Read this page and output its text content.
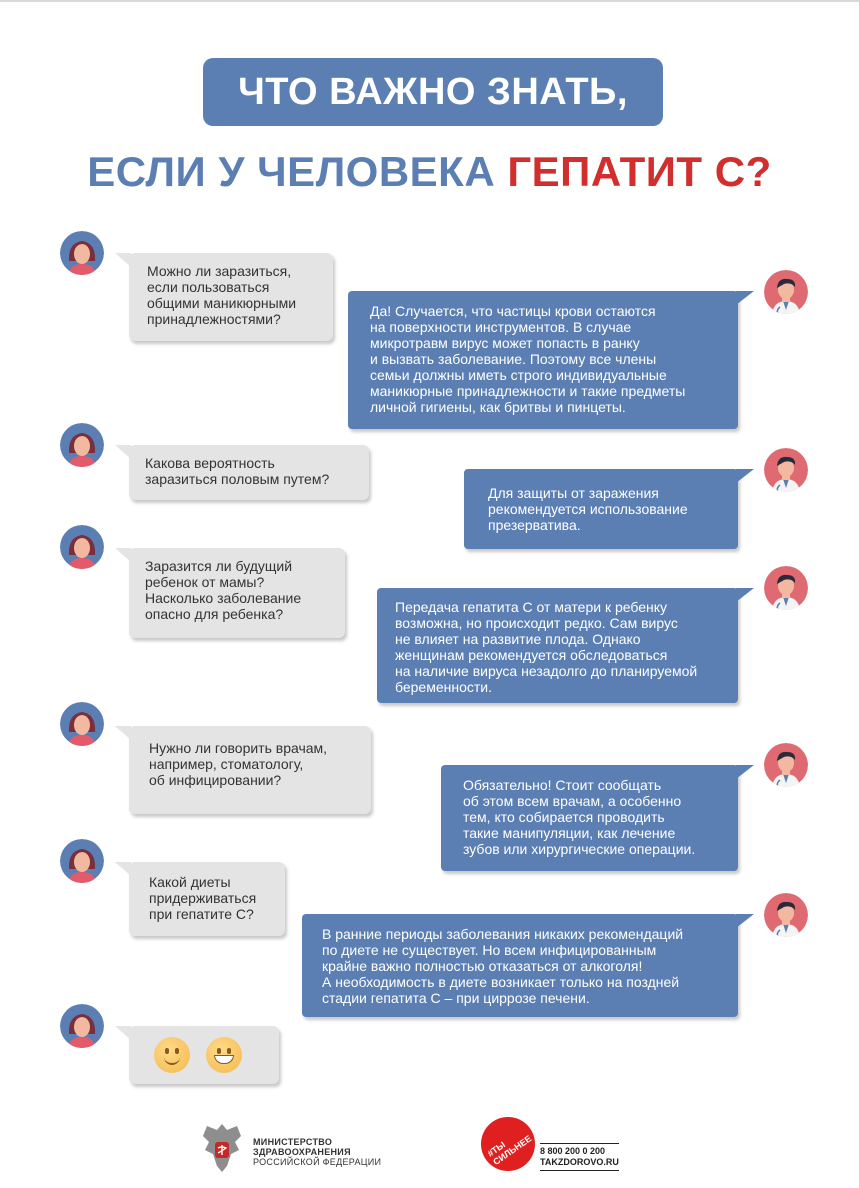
ЧТО ВАЖНО ЗНАТЬ,
ЕСЛИ У ЧЕЛОВЕКА ГЕПАТИТ С?
Можно ли заразиться,
если пользоваться
общими маникюрными
принадлежностями?	Да! Случается, что частицы крови остаются
на поверхности инструментов. В случае
микротравм вирус может попасть в ранку
и вызвать заболевание. Поэтому все члены
семьи должны иметь строго индивидуальные
маникюрные принадлежности и такие предметы
личной гигиены, как бритвы и пинцеты.
Какова вероятность
заразиться половым путем?
Для защиты от заражения
рекомендуется использование
презерватива.
Заразится ли будущий
ребенок от мамы?
Насколько заболевание
опасно для ребенка?	Передача гепатита С от матери к ребенку
возможна, но происходит редко. Сам вирус
не влияет на развитие плода. Однако
женщинам рекомендуется обследоваться
на наличие вируса незадолго до планируемой
беременности.
Нужно ли говорить врачам,
например, стоматологу,
об инфицировании?	Обязательно! Стоит сообщать
об этом всем врачам, а особенно
тем, кто собирается проводить
такие манипуляции, как лечение
зубов или хирургические операции.
Какой диеты
придерживаться
при гепатите С?
В ранние периоды заболевания никаких рекомендаций
по диете не существует. Но всем инфицированным
крайне важно полностью отказаться от алкоголя!
А необходимость в диете возникает только на поздней
стадии гепатита С – при циррозе печени.
МИНИСТЕРСТВО
ЗДРАВООХРАНЕНИЯ
РОССИЙСКОЙ ФЕДЕРАЦИИ
#ТЫ СИЛЬНЕЕ 8 800 200 0 200
TAKZDOROVO.RU
